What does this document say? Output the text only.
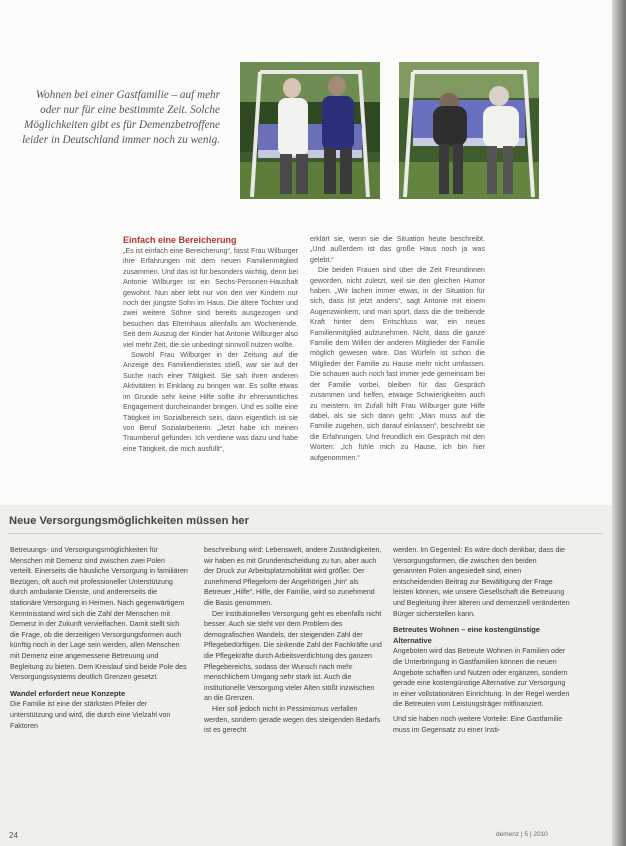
Wohnen bei einer Gastfamilie – auf mehr oder nur für eine bestimmte Zeit. Solche Möglichkeiten gibt es für Demenzbetroffene leider in Deutschland immer noch zu wenig.
Einfach eine Bereicherung

„Es ist einfach eine Bereicherung“, fasst Frau Wilburger ihre Erfahrungen mit dem neuen Familienmitglied zusammen. Und das ist für besonders wichtig, denn bei Antonie Wilburger ist ein Sechs-Personen-Haushalt gewohnt. Nun aber lebt nur von den vier Kindern nur noch der jüngste Sohn im Haus. Die ältere Tochter und zwei weitere Söhne sind bereits ausgezogen und besuchen das Elternhaus allenfalls am Wochenende. Seit dem Auszug der Kinder hat Antonie Wilburger also viel mehr Zeit, die sie unbedingt sinnvoll nutzen wollte.

Sowohl Frau Wilburger in der Zeitung auf die Anzeige des Familiendienstes stieß, war sie auf der Suche nach einer Tätigkeit. Sie sah ihren anderen Aktivitäten in Einklang zu bringen war. Es sollte etwas im Grunde sehr keine Hilfe sollte ihr ehrenamtliches Engagement durcheinander bringen. Und es sollte eine Tätigkeit im Sozialbereich sein, dann eigentlich ist sie von Beruf Sozialarbeiterin. „Jetzt habe ich meinen Traumberuf gefunden. Ich verdiene was dazu und habe eine Tätigkeit, die mich ausfüllt“,

erklärt sie, wenn sie die Situation heute beschreibt. „Und außerdem ist das große Haus noch ja was gelebt.“

Die beiden Frauen sind über die Zeit Freundinnen geworden, nicht zuletzt, weil sie den gleichen Humor haben. „Wir lachen immer etwas, in der Situation für sich, dass ist jetzt anders“, sagt Antonie mit einem Augenzwinkern, und man spürt, dass die die treibende Kraft hinter dem Entschluss war, ein neues Familienmitglied aufzunehmen. Nicht, dass die ganze Familie dem Willen der anderen Mitglieder der Familie möglich gewesen wäre. Das Würfeln ist schon die Mitglieder der Familie zu Hause mehr nicht umfassen. Die schauen auch noch fast immer jede gemeinsam bei der Familie vorbei, bleiben für das Gespräch zusammen und helfen, etwaige Schwierigkeiten auch zu meistern. Im Zufall hilft Frau Wilburger gute Hilfe dabei, als sie sich dann geht: „Man muss auf die Familie zugehen, sich darauf einlassen“, beschreibt sie die Erfahrungen. Und freundlich ein Gespräch mit den Worten: „Ich fühle mich zu Hause, ich bin hier aufgenommen.“

Neue Versorgungsmöglichkeiten müssen her

Betreuungs- und Versorgungsmöglichkeiten für Menschen mit Demenz sind zwischen zwei Polen verteilt. Einerseits die häusliche Versorgung in familiären Bezügen, oft auch mit professioneller Unterstützung durch ambulante Dienste, und andererseits die stationäre Versorgung in Heimen. Nach gegenwärtigem Kenntnisstand wird sich die Zahl der Menschen mit Demenz in der Zukunft vervielfachen. Damit stellt sich die Frage, ob die derzeitigen Versorgungsformen auch künftig noch in der Lage sein werden, allen Menschen mit Demenz eine angemessene Betreuung und Begleitung zu bieten. Dem Kreislauf sind beide Pole des Versorgungssystems deutlich Grenzen gesetzt.

Wandel erfordert neue Konzepte

Die Familie ist eine der stärksten Pfeiler der unterstützung und wird, die durch eine Vielzahl von Faktoren

beschreibung wird: Lebenswelt, andere Zuständigkeiten, wir haben es mit Grundentscheidung zu tun, aber auch der Druck zur Arbeitsplatzmobilität wird größer. Der zunehmend Pflegeform der Angehörigen „hin“ als Betreuer „Hilfe“, Hilfe, der Familie, wird so zunehmend die Basis genommen.

Der institutionellen Versorgung geht es ebenfalls nicht besser. Auch sie steht vor dem Problem des demografischen Wandels, der steigenden Zahl der Pflegebedürftigen. Die sinkende Zahl der Fachkräfte und die Pflegekräfte durch Arbeitsverdichtung des ganzen Pflegebereichs, sodass der Wunsch nach mehr menschlichem Umgang sehr stark ist. Auch die institutionelle Versorgung vieler Alten stößt inzwischen an die Grenzen.

Hier soll jedoch nicht in Pessimismus verfallen werden, sondern gerade wegen des steigenden Bedarfs ist es gerecht

werden. Im Gegenteil: Es wäre doch denkbar, dass die Versorgungsformen, die zwischen den beiden genannten Polen angesiedelt sind, einen entscheidenden Beitrag zur Bewältigung der Frage leisten können, wie unsere Gesellschaft die Betreuung und Begleitung ihrer älteren und demenziell veränderten Bürger sicherstellen kann.

Betreutes Wohnen – eine kostengünstige Alternative

Angeboten wird das Betreute Wohnen in Familien oder die Unterbringung in Gastfamilien können die neuen Angebote schaffen und Nutzen oder ergänzen, sondern gerade eine kostengünstige Alternative zur Versorgung in einer vollstationären Einrichtung. In der Regel werden die Betreuten vom Leistungsträger mitfinanziert.

Und sie haben noch weitere Vorteile: Eine Gastfamilie muss im Gegensatz zu einer Insti-

24	demenz | 5 | 2010
